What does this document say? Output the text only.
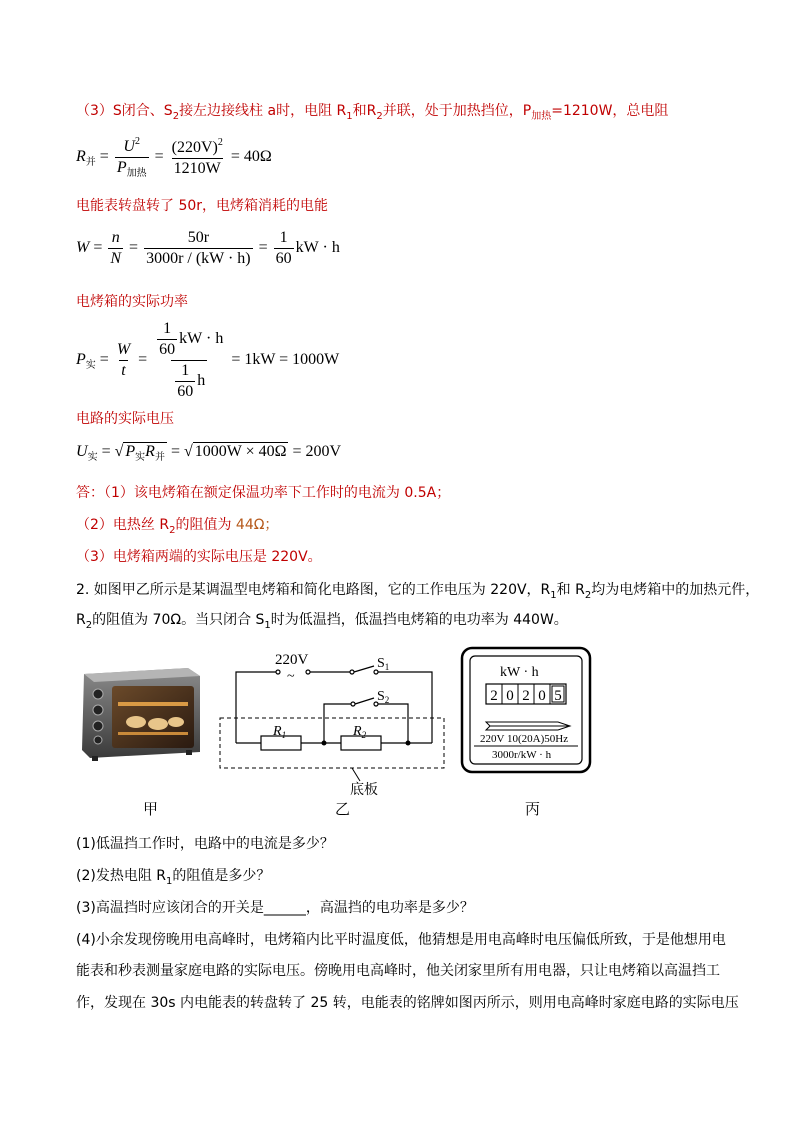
（3）S闭合、$S_2$接左边接线柱 a时，电阻 $R_1$和$R_2$并联，处于加热挡位，$P_{加热}=1210W$，总电阻
$R_并 = \frac{U^2}{P_{加热}} = \frac{(220V)^2}{1210W} = 40\Omega$
电能表转盘转了 50r，电烤箱消耗的电能
$W = \frac{n}{N} = \frac{50r}{3000r / (kW \cdot h)} = \frac{1}{60}$ kW · h
电烤箱的实际功率
$P_实 = \frac{W}{t} = \frac{\frac{1}{60} kW \cdot h}{\frac{1}{60} h} = 1kW = 1000W$
电路的实际电压
$U_实$ = √ $P_实R_并$ = √ 1000W × 40Ω = 200V
答：（1）该电烤箱在额定保温功率下工作时的电流为 0.5A；
（2）电热丝 $R_2$的阻值为 44Ω；
（3）电烤箱两端的实际电压是 220V。
2. 如图甲乙所示是某调温型电烤箱和简化电路图，它的工作电压为 220V，$R_1$和 $R_2$均为电烤箱中的加热元件，
$R_2$的阻值为 70Ω。当只闭合 $S_1$时为低温挡，低温挡电烤箱的电功率为 440W。
甲
220V
~
$S_1$
$S_2$
$R_1$	$R_2$
底板
乙
kW · h
2 0 2 0 5
220V 10(20A)50Hz
3000r/kW · h
丙
(1)低温挡工作时，电路中的电流是多少？
(2)发热电阻 $R_1$的阻值是多少？
(3)高温挡时应该闭合的开关是______，高温挡的电功率是多少？
(4)小余发现傍晚用电高峰时，电烤箱内比平时温度低，他猜想是用电高峰时电压偏低所致，于是他想用电
能表和秒表测量家庭电路的实际电压。傍晚用电高峰时，他关闭家里所有用电器，只让电烤箱以高温挡工
作，发现在 30s 内电能表的转盘转了 25 转，电能表的铭牌如图丙所示，则用电高峰时家庭电路的实际电压
